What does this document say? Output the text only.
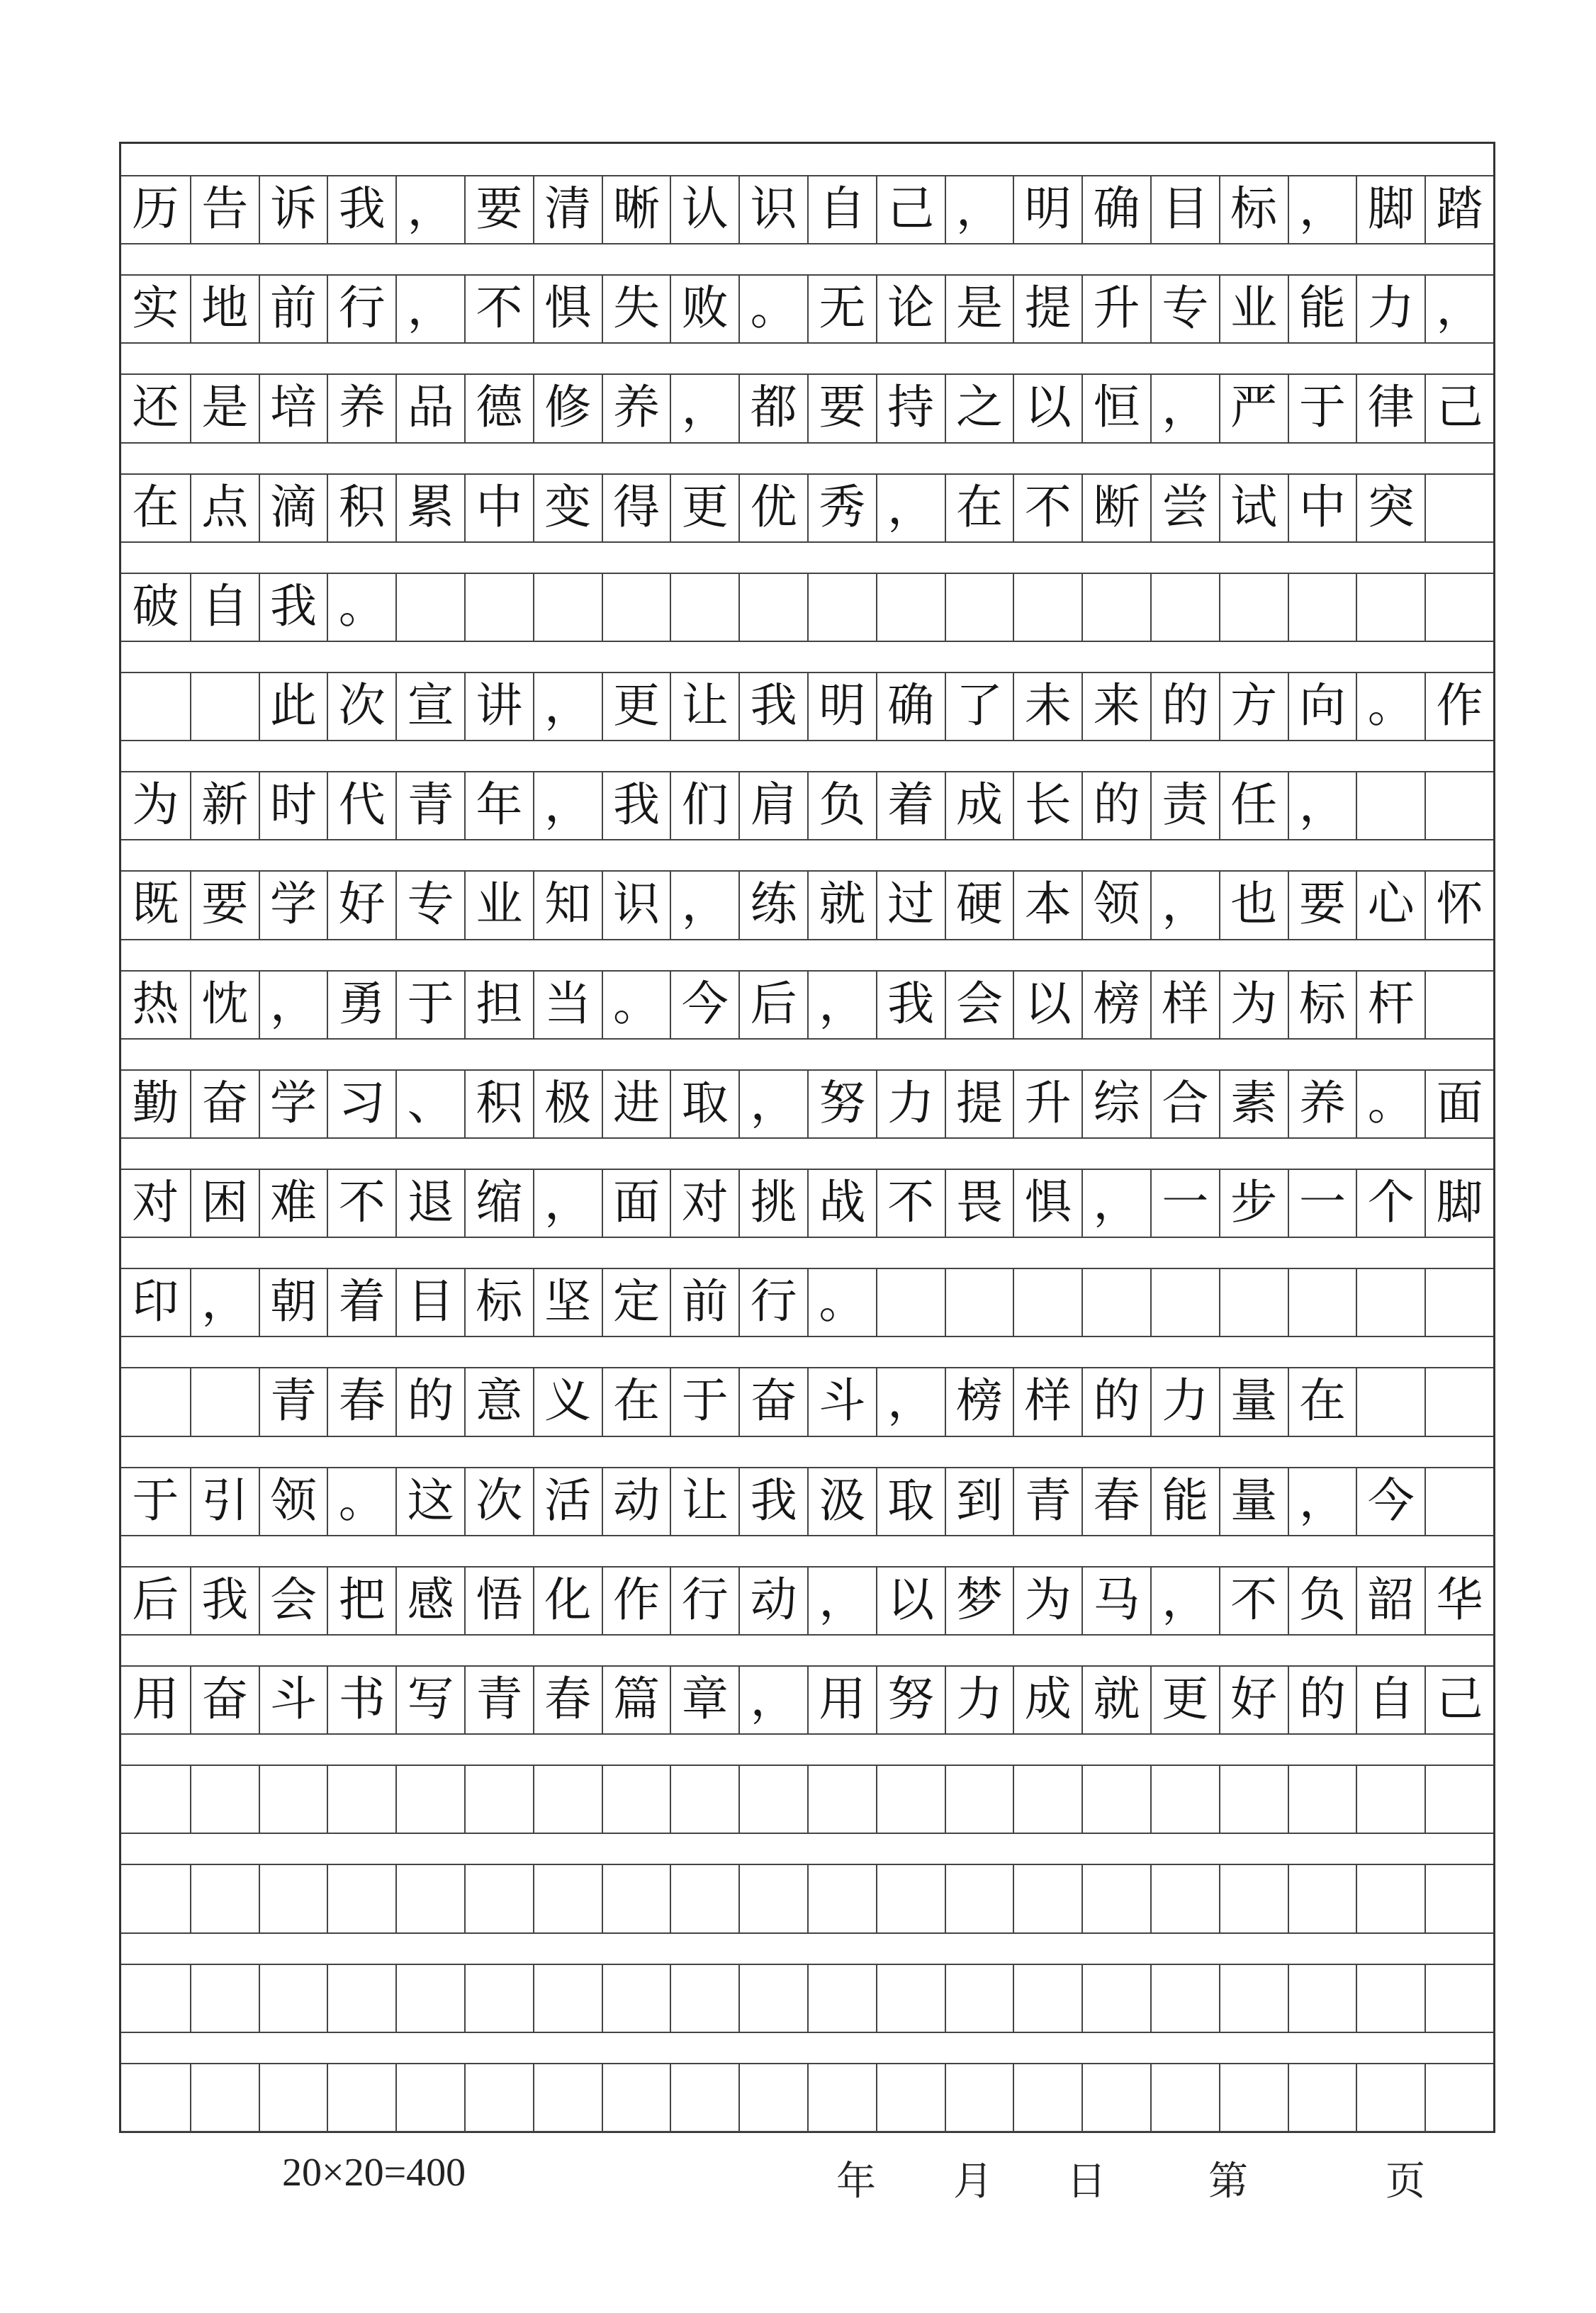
历 告 诉 我 ， 要 清 晰 认 识 自 己 ， 明 确 目 标 ， 脚 踏
实 地 前 行 ， 不 惧 失 败 。 无 论 是 提 升 专 业 能 力 ，
还 是 培 养 品 德 修 养 ， 都 要 持 之 以 恒 ， 严 于 律 己
在 点 滴 积 累 中 变 得 更 优 秀 ， 在 不 断 尝 试 中 突
破 自 我 。
此 次 宣 讲 ， 更 让 我 明 确 了 未 来 的 方 向 。 作
为 新 时 代 青 年 ， 我 们 肩 负 着 成 长 的 责 任 ，
既 要 学 好 专 业 知 识 ， 练 就 过 硬 本 领 ， 也 要 心 怀
热 忱 ， 勇 于 担 当 。 今 后 ， 我 会 以 榜 样 为 标 杆
勤 奋 学 习 、 积 极 进 取 ， 努 力 提 升 综 合 素 养 。 面
对 困 难 不 退 缩 ， 面 对 挑 战 不 畏 惧 ， 一 步 一 个 脚
印 ， 朝 着 目 标 坚 定 前 行 。
青 春 的 意 义 在 于 奋 斗 ， 榜 样 的 力 量 在
于 引 领 。 这 次 活 动 让 我 汲 取 到 青 春 能 量 ， 今
后 我 会 把 感 悟 化 作 行 动 ， 以 梦 为 马 ， 不 负 韶 华
用 奋 斗 书 写 青 春 篇 章 ， 用 努 力 成 就 更 好 的 自 己
20×20=400	年 月 日	第	页
